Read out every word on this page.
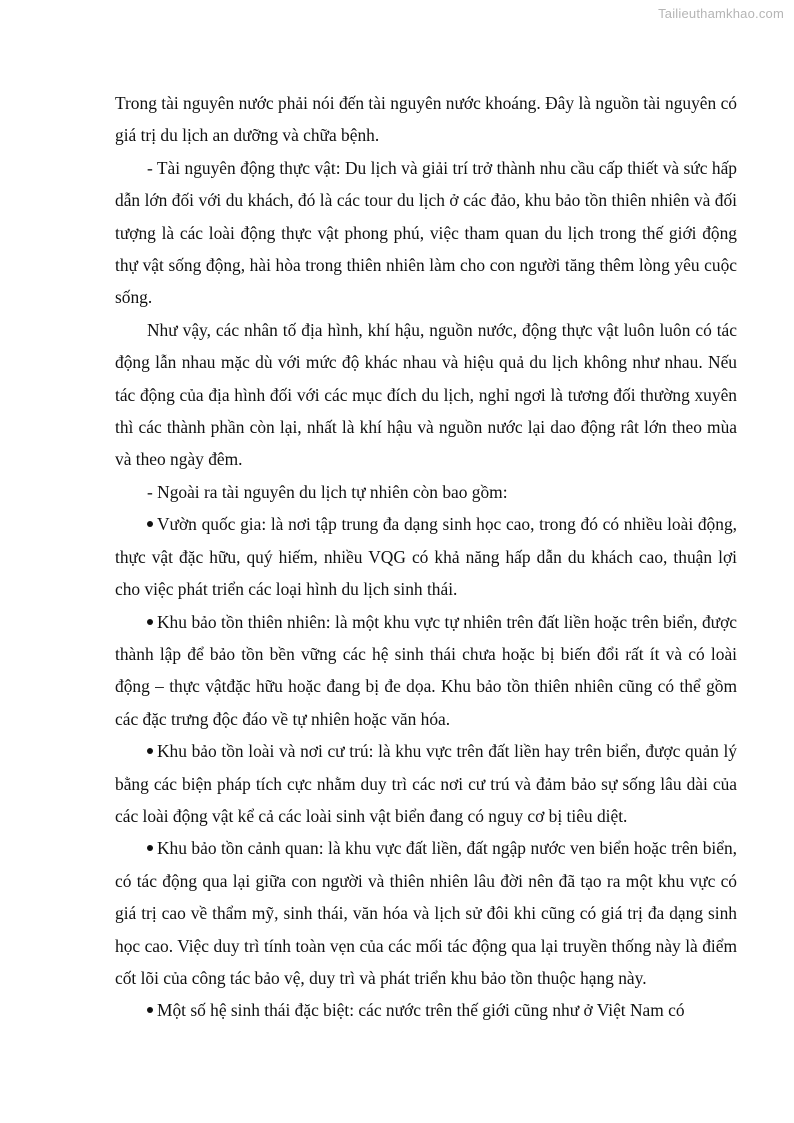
Tailieuthamkhao.com

Trong tài nguyên nước phải nói đến tài nguyên nước khoáng. Đây là nguồn tài nguyên có giá trị du lịch an dưỡng và chữa bệnh.

- Tài nguyên động thực vật: Du lịch và giải trí trở thành nhu cầu cấp thiết và sức hấp dẫn lớn đối với du khách, đó là các tour du lịch ở các đảo, khu bảo tồn thiên nhiên và đối tượng là các loài động thực vật phong phú, việc tham quan du lịch trong thế giới động thự vật sống động, hài hòa trong thiên nhiên làm cho con người tăng thêm lòng yêu cuộc sống.

Như vậy, các nhân tố địa hình, khí hậu, nguồn nước, động thực vật luôn luôn có tác động lẫn nhau mặc dù với mức độ khác nhau và hiệu quả du lịch không như nhau. Nếu tác động của địa hình đối với các mục đích du lịch, nghỉ ngơi là tương đối thường xuyên thì các thành phần còn lại, nhất là khí hậu và nguồn nước lại dao động rât lớn theo mùa và theo ngày đêm.

- Ngoài ra tài nguyên du lịch tự nhiên còn bao gồm:

Vườn quốc gia: là nơi tập trung đa dạng sinh học cao, trong đó có nhiều loài động, thực vật đặc hữu, quý hiếm, nhiều VQG có khả năng hấp dẫn du khách cao, thuận lợi cho việc phát triển các loại hình du lịch sinh thái.

Khu bảo tồn thiên nhiên: là một khu vực tự nhiên trên đất liền hoặc trên biển, được thành lập để bảo tồn bền vững các hệ sinh thái chưa hoặc bị biến đổi rất ít và có loài động – thực vậtđặc hữu hoặc đang bị đe dọa. Khu bảo tồn thiên nhiên cũng có thể gồm các đặc trưng độc đáo về tự nhiên hoặc văn hóa.

Khu bảo tồn loài và nơi cư trú: là khu vực trên đất liền hay trên biển, được quản lý bằng các biện pháp tích cực nhằm duy trì các nơi cư trú và đảm bảo sự sống lâu dài của các loài động vật kể cả các loài sinh vật biển đang có nguy cơ bị tiêu diệt.

Khu bảo tồn cảnh quan: là khu vực đất liền, đất ngập nước ven biển hoặc trên biển, có tác động qua lại giữa con người và thiên nhiên lâu đời nên đã tạo ra một khu vực có giá trị cao về thẩm mỹ, sinh thái, văn hóa và lịch sử đôi khi cũng có giá trị đa dạng sinh học cao. Việc duy trì tính toàn vẹn của các mối tác động qua lại truyền thống này là điểm cốt lõi của công tác bảo vệ, duy trì và phát triển khu bảo tồn thuộc hạng này.

Một số hệ sinh thái đặc biệt: các nước trên thế giới cũng như ở Việt Nam có
